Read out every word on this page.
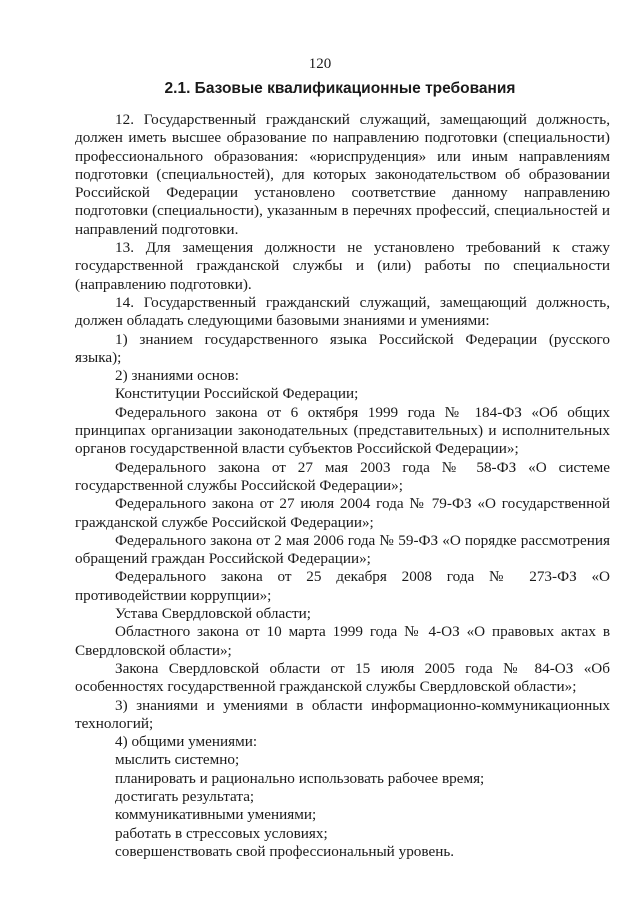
120
2.1. Базовые квалификационные требования

12. Государственный гражданский служащий, замещающий должность, должен иметь высшее образование по направлению подготовки (специальности) профессионального образования: «юриспруденция» или иным направлениям подготовки (специальностей), для которых законодательством об образовании Российской Федерации установлено соответствие данному направлению подготовки (специальности), указанным в перечнях профессий, специальностей и направлений подготовки.

13. Для замещения должности не установлено требований к стажу государственной гражданской службы и (или) работы по специальности (направлению подготовки).

14. Государственный гражданский служащий, замещающий должность, должен обладать следующими базовыми знаниями и умениями:

1) знанием государственного языка Российской Федерации (русского языка);

2) знаниями основ:

Конституции Российской Федерации;

Федерального закона от 6 октября 1999 года № 184-ФЗ «Об общих принципах организации законодательных (представительных) и исполнительных органов государственной власти субъектов Российской Федерации»;

Федерального закона от 27 мая 2003 года № 58-ФЗ «О системе государственной службы Российской Федерации»;

Федерального закона от 27 июля 2004 года № 79-ФЗ «О государственной гражданской службе Российской Федерации»;

Федерального закона от 2 мая 2006 года № 59-ФЗ «О порядке рассмотрения обращений граждан Российской Федерации»;

Федерального закона от 25 декабря 2008 года № 273-ФЗ «О противодействии коррупции»;

Устава Свердловской области;

Областного закона от 10 марта 1999 года № 4-ОЗ «О правовых актах в Свердловской области»;

Закона Свердловской области от 15 июля 2005 года № 84-ОЗ «Об особенностях государственной гражданской службы Свердловской области»;

3) знаниями и умениями в области информационно-коммуникационных технологий;

4) общими умениями:

мыслить системно;

планировать и рационально использовать рабочее время;

достигать результата;

коммуникативными умениями;

работать в стрессовых условиях;

совершенствовать свой профессиональный уровень.
